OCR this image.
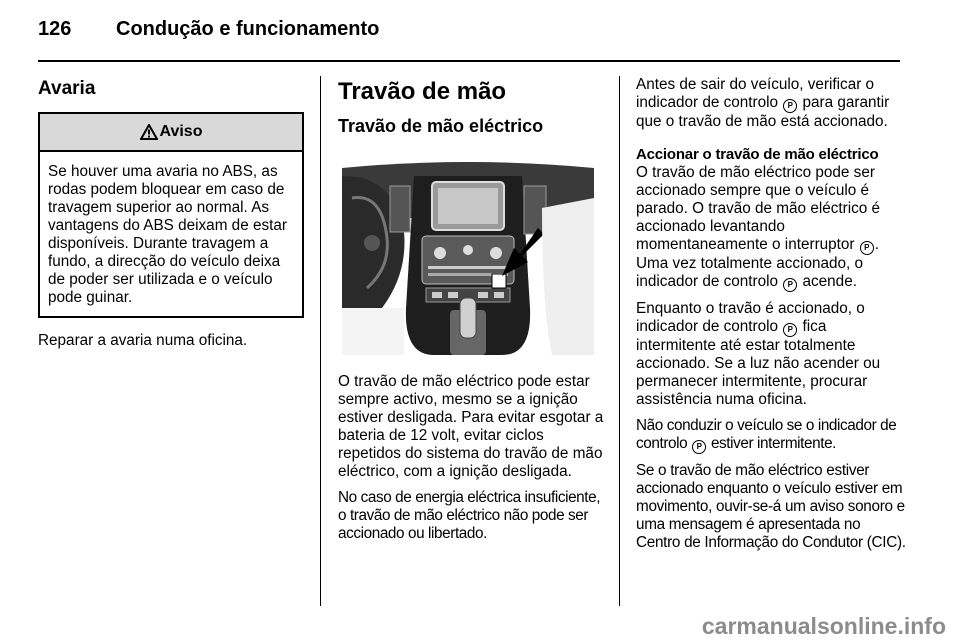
126 Condução e funcionamento
Avaria
Aviso

Se houver uma avaria no ABS, as rodas podem bloquear em caso de travagem superior ao normal. As vantagens do ABS deixam de estar disponíveis. Durante travagem a fundo, a direcção do veículo deixa de poder ser utilizada e o veículo pode guinar.

Reparar a avaria numa oficina.

Travão de mão
Travão de mão eléctrico

O travão de mão eléctrico pode estar sempre activo, mesmo se a ignição estiver desligada. Para evitar esgotar a bateria de 12 volt, evitar ciclos repetidos do sistema do travão de mão eléctrico, com a ignição desligada.

No caso de energia eléctrica insuficiente, o travão de mão eléctrico não pode ser accionado ou libertado.

Antes de sair do veículo, verificar o indicador de controlo P para garantir que o travão de mão está accionado.

Accionar o travão de mão eléctrico

O travão de mão eléctrico pode ser accionado sempre que o veículo é parado. O travão de mão eléctrico é accionado levantando momentaneamente o interruptor P . Uma vez totalmente accionado, o indicador de controlo P acende.

Enquanto o travão é accionado, o indicador de controlo P fica intermitente até estar totalmente accionado. Se a luz não acender ou permanecer intermitente, procurar assistência numa oficina.

Não conduzir o veículo se o indicador de controlo P estiver intermitente.

Se o travão de mão eléctrico estiver accionado enquanto o veículo estiver em movimento, ouvir-se-á um aviso sonoro e uma mensagem é apresentada no Centro de Informação do Condutor (CIC).

carmanualsonline.info
